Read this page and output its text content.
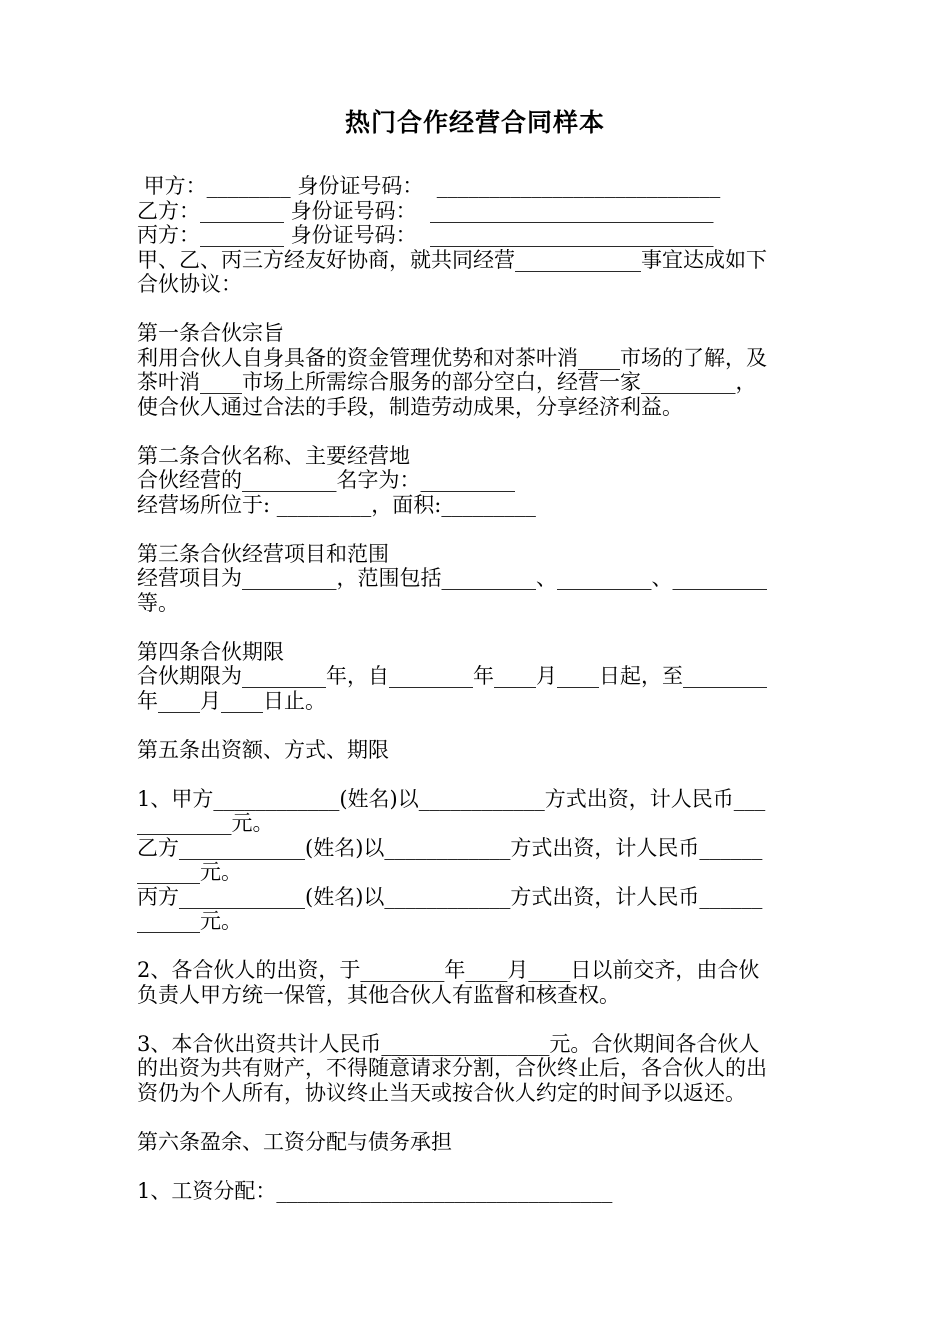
热门合作经营合同样本
甲方：________ 身份证号码：  ___________________________
乙方：________ 身份证号码：  ___________________________
丙方：________ 身份证号码：  ___________________________
甲、乙、丙三方经友好协商，就共同经营____________事宜达成如下
合伙协议：
第一条合伙宗旨
利用合伙人自身具备的资金管理优势和对茶叶消____市场的了解，及
茶叶消____市场上所需综合服务的部分空白，经营一家_________，
使合伙人通过合法的手段，制造劳动成果，分享经济利益。
第二条合伙名称、主要经营地
合伙经营的_________名字为：_________
经营场所位于: _________，面积:_________
第三条合伙经营项目和范围
经营项目为_________，范围包括_________、_________、_________
等。
第四条合伙期限
合伙期限为________年，自________年____月____日起，至________
年____月____日止。
第五条出资额、方式、期限
1、甲方____________(姓名)以____________方式出资，计人民币___
_________元。
乙方____________(姓名)以____________方式出资，计人民币______
______元。
丙方____________(姓名)以____________方式出资，计人民币______
______元。
2、各合伙人的出资，于________年____月____日以前交齐，由合伙
负责人甲方统一保管，其他合伙人有监督和核查权。
3、本合伙出资共计人民币________________元。合伙期间各合伙人
的出资为共有财产，不得随意请求分割，合伙终止后，各合伙人的出
资仍为个人所有，协议终止当天或按合伙人约定的时间予以返还。
第六条盈余、工资分配与债务承担
1、工资分配：________________________________
